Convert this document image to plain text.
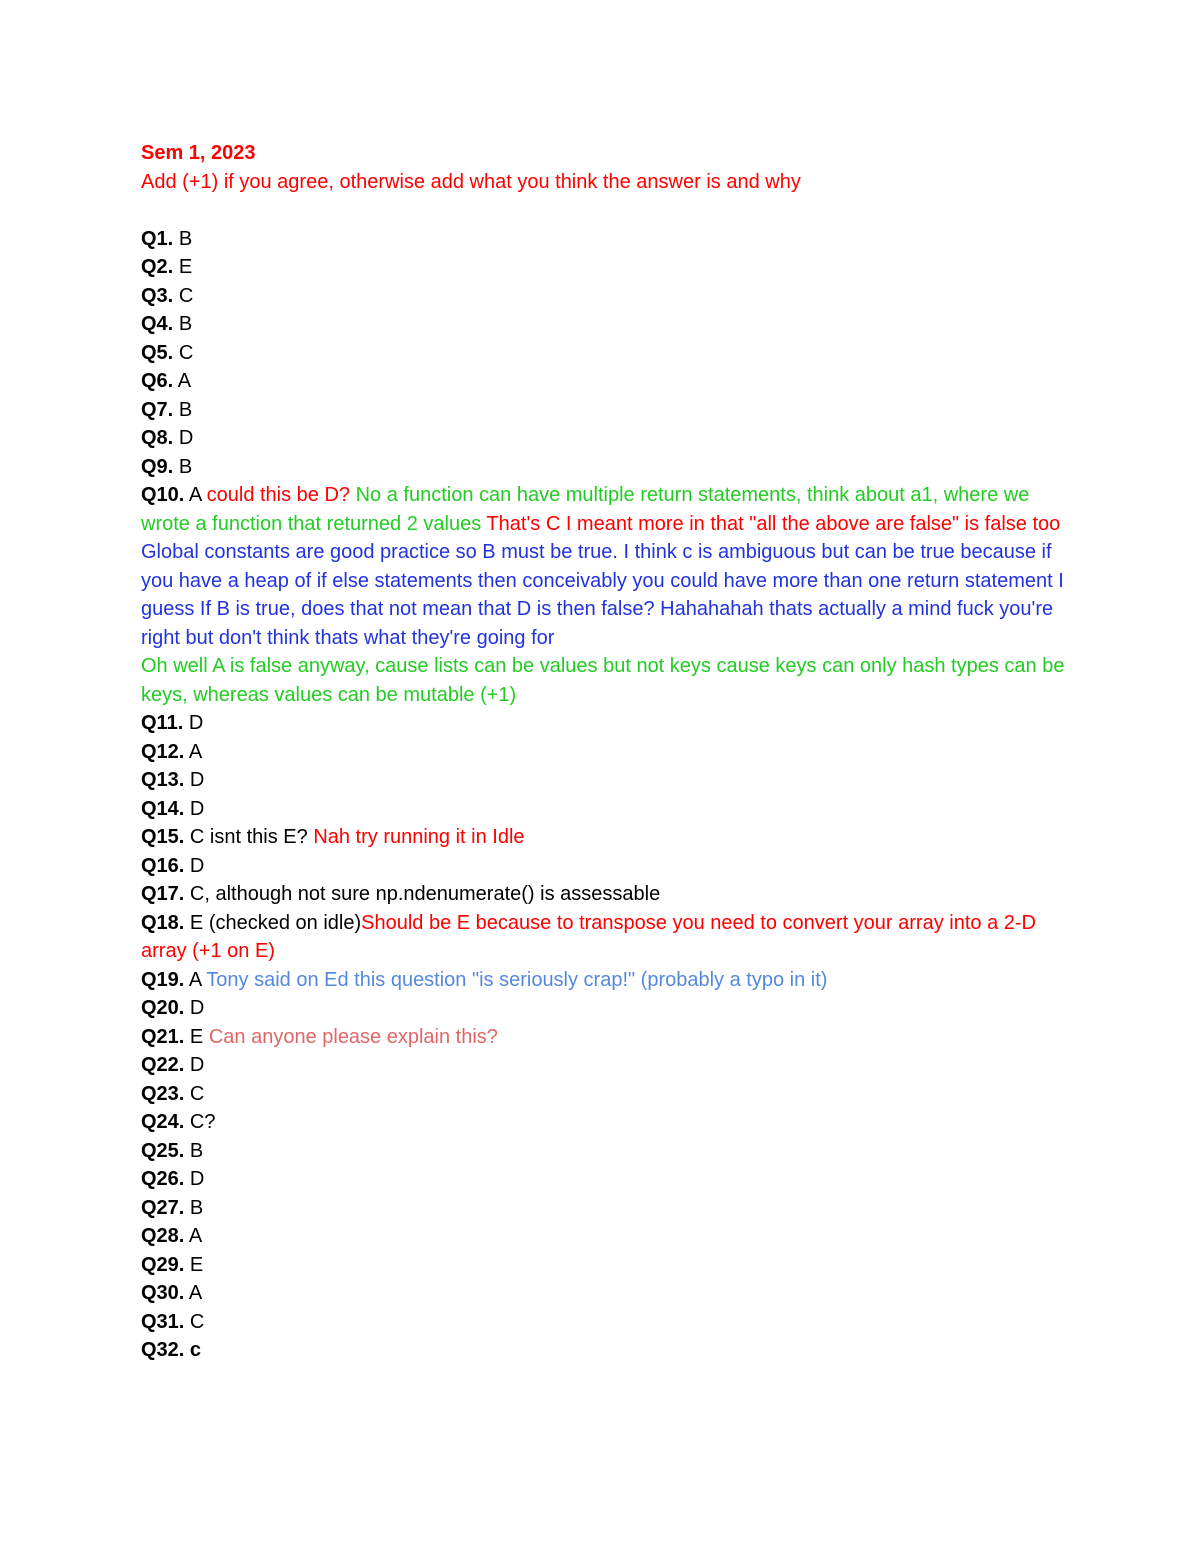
Sem 1, 2023

Add (+1) if you agree, otherwise add what you think the answer is and why

Q1. B

Q2. E

Q3. C

Q4. B

Q5. C

Q6. A

Q7. B

Q8. D

Q9. B

Q10. A could this be D? No a function can have multiple return statements, think about a1, where we wrote a function that returned 2 values That's C I meant more in that "all the above are false" is false too Global constants are good practice so B must be true. I think c is ambiguous but can be true because if you have a heap of if else statements then conceivably you could have more than one return statement I guess If B is true, does that not mean that D is then false? Hahahahah thats actually a mind fuck you're right but don't think thats what they're going for

Oh well A is false anyway, cause lists can be values but not keys cause keys can only hash types can be keys, whereas values can be mutable (+1)

Q11. D

Q12. A

Q13. D

Q14. D

Q15. C isnt this E? Nah try running it in Idle

Q16. D

Q17. C, although not sure np.ndenumerate() is assessable

Q18. E (checked on idle)Should be E because to transpose you need to convert your array into a 2-D array (+1 on E)

Q19. A Tony said on Ed this question "is seriously crap!" (probably a typo in it)

Q20. D

Q21. E Can anyone please explain this?

Q22. D

Q23. C

Q24. C?

Q25. B

Q26. D

Q27. B

Q28. A

Q29. E

Q30. A

Q31. C

Q32. c
